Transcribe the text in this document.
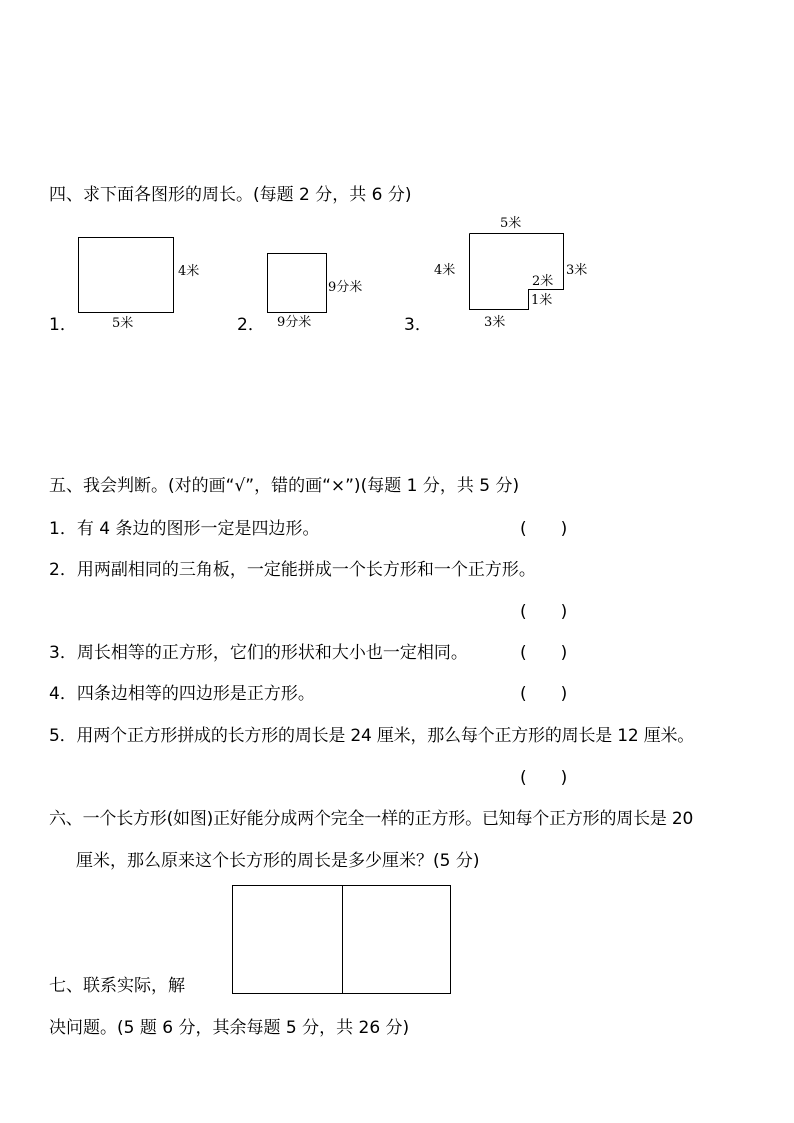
四、求下面各图形的周长。(每题 2 分，共 6 分)
1．
4米
5米	2．
9分米
9分米	3．
5米
4米	3米
2米
1米
3米
五、我会判断。(对的画“√”，错的画“×”)(每题 1 分，共 5 分)
1．有 4 条边的图形一定是四边形。	(　　)
2．用两副相同的三角板，一定能拼成一个长方形和一个正方形。
(　　)
3．周长相等的正方形，它们的形状和大小也一定相同。	(　　)
4．四条边相等的四边形是正方形。	(　　)
5．用两个正方形拼成的长方形的周长是 24 厘米，那么每个正方形的周长是 12 厘米。
(　　)
六、一个长方形(如图)正好能分成两个完全一样的正方形。已知每个正方形的周长是 20
厘米，那么原来这个长方形的周长是多少厘米？(5 分)
七、联系实际，解
决问题。(5 题 6 分，其余每题 5 分，共 26 分)
